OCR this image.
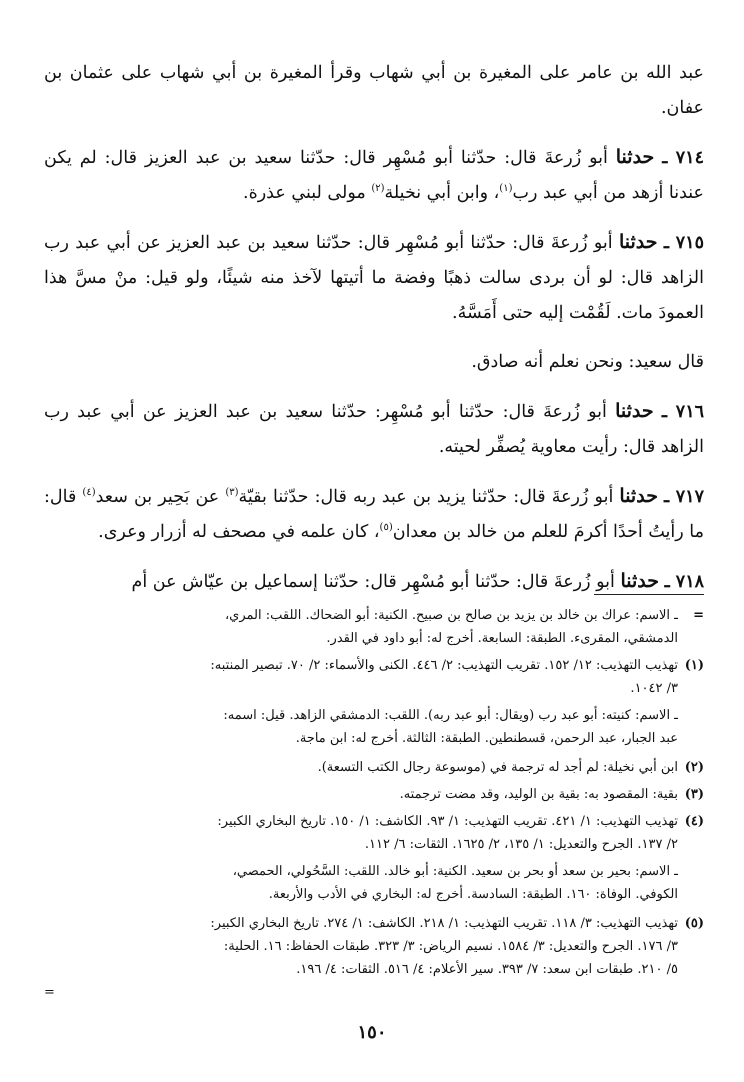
عبد الله بن عامر على المغيرة بن أبي شهاب وقرأ المغيرة بن أبي شهاب على عثمان بن عفان.

٧١٤ ـ حدثنا أبو زُرعةَ قال: حدّثنا أبو مُسْهِر قال: حدّثنا سعيد بن عبد العزيز قال: لم يكن عندنا أزهد من أبي عبد رب$^{(١)}$، وابن أبي نخيلة$^{(٢)}$ مولى لبني عذرة.

٧١٥ ـ حدثنا أبو زُرعةَ قال: حدّثنا أبو مُسْهِر قال: حدّثنا سعيد بن عبد العزيز عن أبي عبد رب الزاهد قال: لو أن بردى سالت ذهبًا وفضة ما أتيتها لآخذ منه شيئًا، ولو قيل: منْ مسَّ هذا العمودَ مات. لَقُمْت إليه حتى أَمَسَّهُ.

قال سعيد: ونحن نعلم أنه صادق.

٧١٦ ـ حدثنا أبو زُرعةَ قال: حدّثنا أبو مُسْهِر: حدّثنا سعيد بن عبد العزيز عن أبي عبد رب الزاهد قال: رأيت معاوية يُصفِّر لحيته.

٧١٧ ـ حدثنا أبو زُرعةَ قال: حدّثنا يزيد بن عبد ربه قال: حدّثنا بقيّة$^{(٣)}$ عن بَحِير بن سعد$^{(٤)}$ قال: ما رأيتُ أحدًا أكرمَ للعلم من خالد بن معدان$^{(٥)}$، كان علمه في مصحف له أزرار وعرى.

٧١٨ ـ حدثنا أبو زُرعةَ قال: حدّثنا أبو مُسْهِر قال: حدّثنا إسماعيل بن عيّاش عن أم

=
ـ الاسم: عراك بن خالد بن يزيد بن صالح بن صبيح. الكنية: أبو الضحاك. اللقب: المري،
الدمشقي، المقرىء. الطبقة: السابعة. أخرج له: أبو داود في القدر.
(١)
تهذيب التهذيب: ١٢/ ١٥٢. تقريب التهذيب: ٢/ ٤٤٦. الكنى والأسماء: ٢/ ٧٠. تبصير المنتبه:
٣/ ١٠٤٢.
ـ الاسم: كنيته: أبو عبد رب (ويقال: أبو عبد ربه). اللقب: الدمشقي الزاهد. قيل: اسمه:
عبد الجبار، عبد الرحمن، قسطنطين. الطبقة: الثالثة. أخرج له: ابن ماجة.
(٢)
ابن أبي نخيلة: لم أجد له ترجمة في (موسوعة رجال الكتب التسعة).
(٣)
بقية: المقصود به: بقية بن الوليد، وقد مضت ترجمته.
(٤)
تهذيب التهذيب: ١/ ٤٢١. تقريب التهذيب: ١/ ٩٣. الكاشف: ١/ ١٥٠. تاريخ البخاري الكبير:
٢/ ١٣٧. الجرح والتعديل: ١/ ١٣٥، ٢/ ١٦٢٥. الثقات: ٦/ ١١٢.
ـ الاسم: بحير بن سعد أو بحر بن سعيد. الكنية: أبو خالد. اللقب: السَّحُولي، الحمصي،
الكوفي. الوفاة: ١٦٠. الطبقة: السادسة. أخرج له: البخاري في الأدب والأربعة.
(٥)
تهذيب التهذيب: ٣/ ١١٨. تقريب التهذيب: ١/ ٢١٨. الكاشف: ١/ ٢٧٤. تاريخ البخاري الكبير:
٣/ ١٧٦. الجرح والتعديل: ٣/ ١٥٨٤. نسيم الرياض: ٣/ ٣٢٣. طبقات الحفاظ: ١٦. الحلية:
٥/ ٢١٠. طبقات ابن سعد: ٧/ ٣٩٣. سير الأعلام: ٤/ ٥١٦. الثقات: ٤/ ١٩٦.
=
١٥٠
